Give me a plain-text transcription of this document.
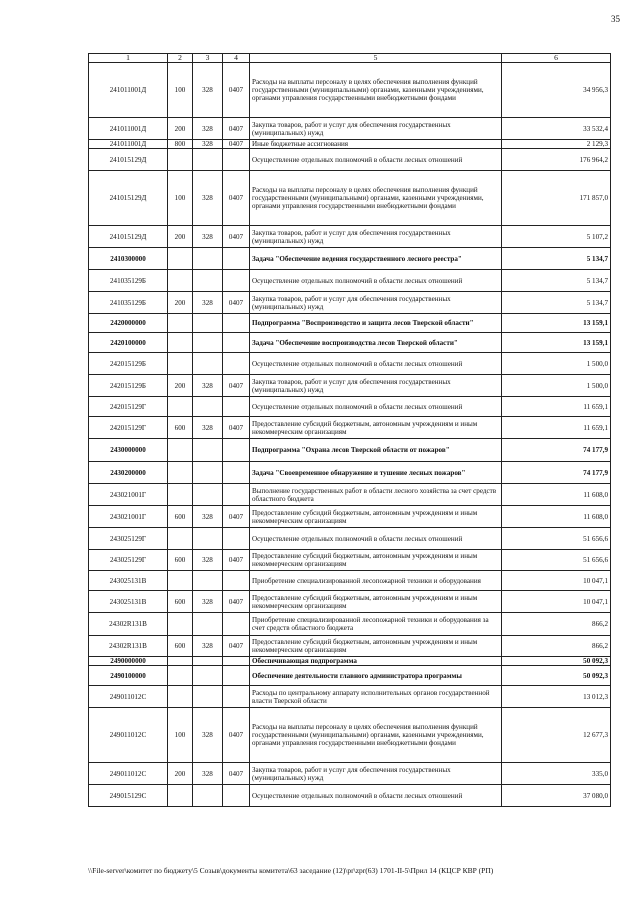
35
1	2	3	4	5	6
241011001Д	100	328	0407	Расходы на выплаты персоналу в целях обеспечения выполнения функций государственными (муниципальными) органами, казенными учреждениями, органами управления государственными внебюджетными фондами	34 956,3
241011001Д	200	328	0407	Закупка товаров, работ и услуг для обеспечения государственных (муниципальных) нужд	33 532,4
241011001Д	800	328	0407	Иные бюджетные ассигнования	2 129,3
241015129Д				Осуществление отдельных полномочий в области лесных отношений	176 964,2
241015129Д	100	328	0407	Расходы на выплаты персоналу в целях обеспечения выполнения функций государственными (муниципальными) органами, казенными учреждениями, органами управления государственными внебюджетными фондами	171 857,0
241015129Д	200	328	0407	Закупка товаров, работ и услуг для обеспечения государственных (муниципальных) нужд	5 107,2
2410300000				Задача "Обеспечение ведения государственного лесного реестра"	5 134,7
241035129Б				Осуществление отдельных полномочий в области лесных отношений	5 134,7
241035129Б	200	328	0407	Закупка товаров, работ и услуг для обеспечения государственных (муниципальных) нужд	5 134,7
2420000000				Подпрограмма "Воспроизводство и защита лесов Тверской области"	13 159,1
2420100000				Задача "Обеспечение воспроизводства лесов Тверской области"	13 159,1
242015129Б				Осуществление отдельных полномочий в области лесных отношений	1 500,0
242015129Б	200	328	0407	Закупка товаров, работ и услуг для обеспечения государственных (муниципальных) нужд	1 500,0
242015129Г				Осуществление отдельных полномочий в области лесных отношений	11 659,1
242015129Г	600	328	0407	Предоставление субсидий бюджетным, автономным учреждениям и иным некоммерческим организациям	11 659,1
2430000000				Подпрограмма "Охрана лесов Тверской области от пожаров"	74 177,9
2430200000				Задача "Своевременное обнаружение и тушение лесных пожаров"	74 177,9
243021001Г				Выполнение государственных работ в области лесного хозяйства за счет средств областного бюджета	11 608,0
243021001Г	600	328	0407	Предоставление субсидий бюджетным, автономным учреждениям и иным некоммерческим организациям	11 608,0
243025129Г				Осуществление отдельных полномочий в области лесных отношений	51 656,6
243025129Г	600	328	0407	Предоставление субсидий бюджетным, автономным учреждениям и иным некоммерческим организациям	51 656,6
243025131В				Приобретение специализированной лесопожарной техники и оборудования	10 047,1
243025131В	600	328	0407	Предоставление субсидий бюджетным, автономным учреждениям и иным некоммерческим организациям	10 047,1
24302R131В				Приобретение специализированной лесопожарной техники и оборудования за счет средств областного бюджета	866,2
24302R131В	600	328	0407	Предоставление субсидий бюджетным, автономным учреждениям и иным некоммерческим организациям	866,2
2490000000				Обеспечивающая подпрограмма	50 092,3
2490100000				Обеспечение деятельности главного администратора программы	50 092,3
249011012С				Расходы по центральному аппарату исполнительных органов государственной власти Тверской области	13 012,3
249011012С	100	328	0407	Расходы на выплаты персоналу в целях обеспечения выполнения функций государственными (муниципальными) органами, казенными учреждениями, органами управления государственными внебюджетными фондами	12 677,3
249011012С	200	328	0407	Закупка товаров, работ и услуг для обеспечения государственных (муниципальных) нужд	335,0
249015129С				Осуществление отдельных полномочий в области лесных отношений	37 080,0
\\File-server\комитет по бюджету\5 Созыв\документы комитета\63 заседание (12)\pr\zpr(63) 1701-II-5\Прил 14 (КЦСР КВР (РП)
